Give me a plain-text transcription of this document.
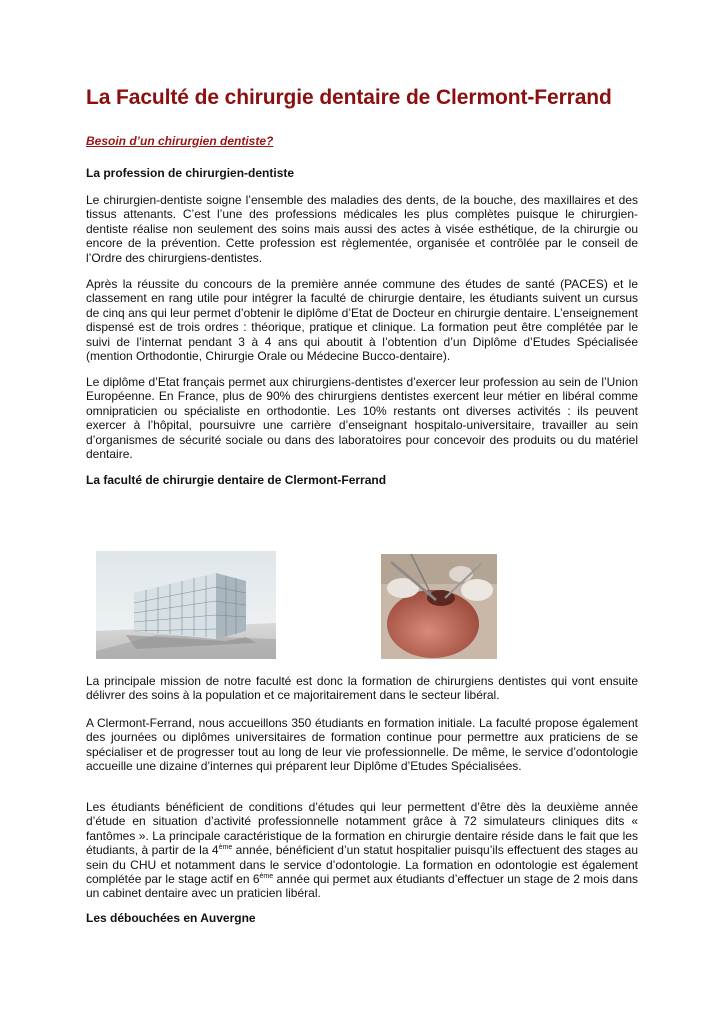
La Faculté de chirurgie dentaire de Clermont-Ferrand
Besoin d’un chirurgien dentiste?
La profession de chirurgien-dentiste

Le chirurgien-dentiste soigne l’ensemble des maladies des dents, de la bouche, des maxillaires et des tissus attenants. C’est l’une des professions médicales les plus complètes puisque le chirurgien-dentiste réalise non seulement des soins mais aussi des actes à visée esthétique, de la chirurgie ou encore de la prévention. Cette profession est règlementée, organisée et contrôlée par le conseil de l’Ordre des chirurgiens-dentistes.

Après la réussite du concours de la première année commune des études de santé (PACES) et le classement en rang utile pour intégrer la faculté de chirurgie dentaire, les étudiants suivent un cursus de cinq ans qui leur permet d’obtenir le diplôme d’Etat de Docteur en chirurgie dentaire. L’enseignement dispensé est de trois ordres : théorique, pratique et clinique. La formation peut être complétée par le suivi de l’internat pendant 3 à 4 ans qui aboutit à l’obtention d’un Diplôme d’Etudes Spécialisée (mention Orthodontie, Chirurgie Orale ou Médecine Bucco-dentaire).

Le diplôme d’Etat français permet aux chirurgiens-dentistes d’exercer leur profession au sein de l’Union Européenne. En France, plus de 90% des chirurgiens dentistes exercent leur métier en libéral comme omnipraticien ou spécialiste en orthodontie. Les 10% restants ont diverses activités : ils peuvent exercer à l’hôpital, poursuivre une carrière d’enseignant hospitalo-universitaire, travailler au sein d’organismes de sécurité sociale ou dans des laboratoires pour concevoir des produits ou du matériel dentaire.

La faculté de chirurgie dentaire de Clermont-Ferrand

La principale mission de notre faculté est donc la formation de chirurgiens dentistes qui vont ensuite délivrer des soins à la population et ce majoritairement dans le secteur libéral.

A Clermont-Ferrand, nous accueillons 350 étudiants en formation initiale. La faculté propose également des journées ou diplômes universitaires de formation continue pour permettre aux praticiens de se spécialiser et de progresser tout au long de leur vie professionnelle. De même, le service d’odontologie accueille une dizaine d’internes qui préparent leur Diplôme d’Etudes Spécialisées.

Les étudiants bénéficient de conditions d’études qui leur permettent d’être dès la deuxième année d’étude en situation d’activité professionnelle notamment grâce à 72 simulateurs cliniques dits « fantômes ». La principale caractéristique de la formation en chirurgie dentaire réside dans le fait que les étudiants, à partir de la 4ème année, bénéficient d’un statut hospitalier puisqu’ils effectuent des stages au sein du CHU et notamment dans le service d’odontologie. La formation en odontologie est également complétée par le stage actif en 6ème année qui permet aux étudiants d’effectuer un stage de 2 mois dans un cabinet dentaire avec un praticien libéral.

Les débouchées en Auvergne
